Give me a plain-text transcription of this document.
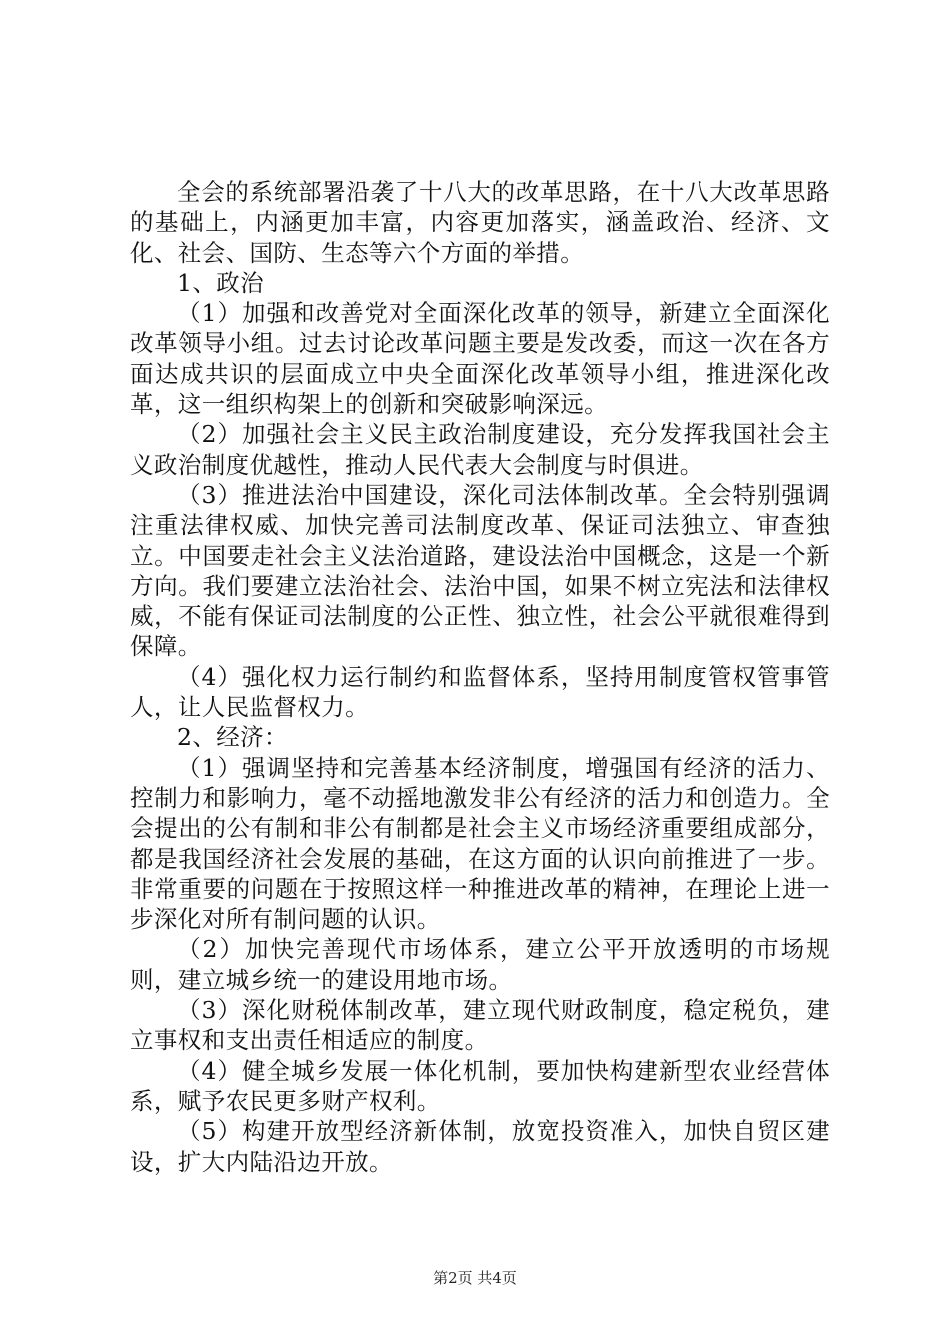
全会的系统部署沿袭了十八大的改革思路，在十八大改革思路的基础上，内涵更加丰富，内容更加落实，涵盖政治、经济、文化、社会、国防、生态等六个方面的举措。

1、政治

（1）加强和改善党对全面深化改革的领导，新建立全面深化改革领导小组。过去讨论改革问题主要是发改委，而这一次在各方面达成共识的层面成立中央全面深化改革领导小组，推进深化改革，这一组织构架上的创新和突破影响深远。

（2）加强社会主义民主政治制度建设，充分发挥我国社会主义政治制度优越性，推动人民代表大会制度与时俱进。

（3）推进法治中国建设，深化司法体制改革。全会特别强调注重法律权威、加快完善司法制度改革、保证司法独立、审查独立。中国要走社会主义法治道路，建设法治中国概念，这是一个新方向。我们要建立法治社会、法治中国，如果不树立宪法和法律权威，不能有保证司法制度的公正性、独立性，社会公平就很难得到保障。

（4）强化权力运行制约和监督体系，坚持用制度管权管事管人，让人民监督权力。

2、经济：

（1）强调坚持和完善基本经济制度，增强国有经济的活力、控制力和影响力，毫不动摇地激发非公有经济的活力和创造力。全会提出的公有制和非公有制都是社会主义市场经济重要组成部分，都是我国经济社会发展的基础，在这方面的认识向前推进了一步。非常重要的问题在于按照这样一种推进改革的精神，在理论上进一步深化对所有制问题的认识。

（2）加快完善现代市场体系，建立公平开放透明的市场规则，建立城乡统一的建设用地市场。

（3）深化财税体制改革，建立现代财政制度，稳定税负，建立事权和支出责任相适应的制度。

（4）健全城乡发展一体化机制，要加快构建新型农业经营体系，赋予农民更多财产权利。

（5）构建开放型经济新体制，放宽投资准入，加快自贸区建设，扩大内陆沿边开放。

第2页 共4页
